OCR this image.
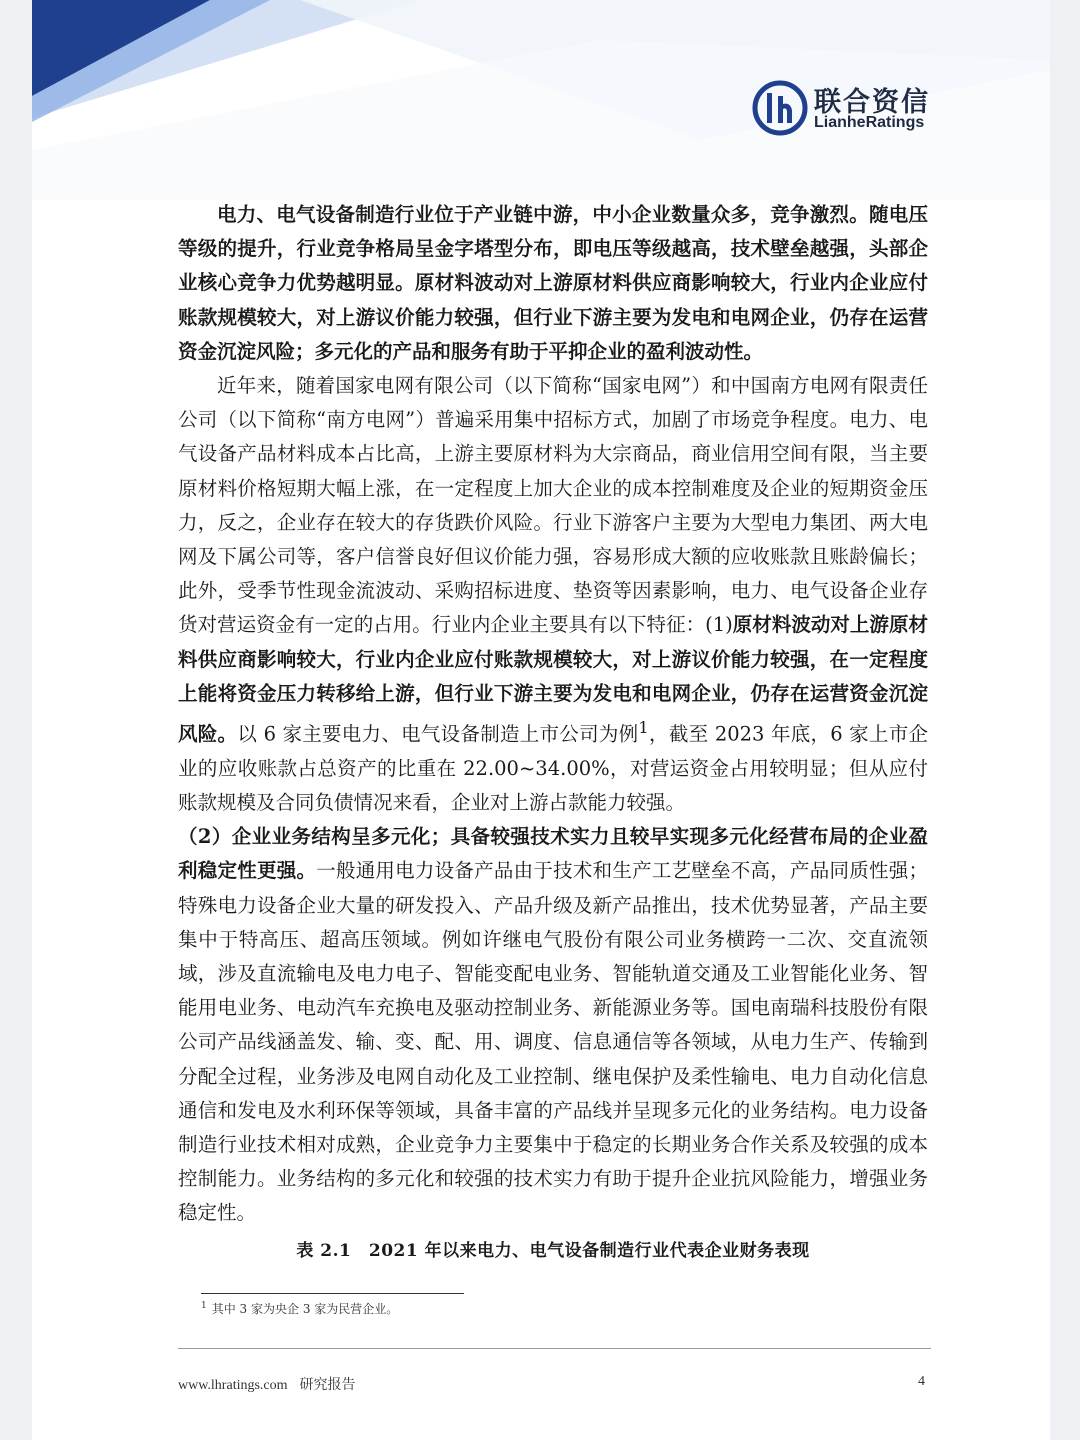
联合资信
LianheRatings

电力、电气设备制造行业位于产业链中游，中小企业数量众多，竞争激烈。随电压等级的提升，行业竞争格局呈金字塔型分布，即电压等级越高，技术壁垒越强，头部企业核心竞争力优势越明显。原材料波动对上游原材料供应商影响较大，行业内企业应付账款规模较大，对上游议价能力较强，但行业下游主要为发电和电网企业，仍存在运营资金沉淀风险；多元化的产品和服务有助于平抑企业的盈利波动性。

近年来，随着国家电网有限公司（以下简称“国家电网”）和中国南方电网有限责任公司（以下简称“南方电网”）普遍采用集中招标方式，加剧了市场竞争程度。电力、电气设备产品材料成本占比高，上游主要原材料为大宗商品，商业信用空间有限，当主要原材料价格短期大幅上涨，在一定程度上加大企业的成本控制难度及企业的短期资金压力，反之，企业存在较大的存货跌价风险。行业下游客户主要为大型电力集团、两大电网及下属公司等，客户信誉良好但议价能力强，容易形成大额的应收账款且账龄偏长；此外，受季节性现金流波动、采购招标进度、垫资等因素影响，电力、电气设备企业存货对营运资金有一定的占用。行业内企业主要具有以下特征：(1)原材料波动对上游原材料供应商影响较大，行业内企业应付账款规模较大，对上游议价能力较强，在一定程度上能将资金压力转移给上游，但行业下游主要为发电和电网企业，仍存在运营资金沉淀风险。以 6 家主要电力、电气设备制造上市公司为例$^1$，截至 2023 年底，6 家上市企业的应收账款占总资产的比重在 22.00~34.00%，对营运资金占用较明显；但从应付账款规模及合同负债情况来看，企业对上游占款能力较强。

（2）企业业务结构呈多元化；具备较强技术实力且较早实现多元化经营布局的企业盈利稳定性更强。一般通用电力设备产品由于技术和生产工艺壁垒不高，产品同质性强；特殊电力设备企业大量的研发投入、产品升级及新产品推出，技术优势显著，产品主要集中于特高压、超高压领域。例如许继电气股份有限公司业务横跨一二次、交直流领域，涉及直流输电及电力电子、智能变配电业务、智能轨道交通及工业智能化业务、智能用电业务、电动汽车充换电及驱动控制业务、新能源业务等。国电南瑞科技股份有限公司产品线涵盖发、输、变、配、用、调度、信息通信等各领域，从电力生产、传输到分配全过程，业务涉及电网自动化及工业控制、继电保护及柔性输电、电力自动化信息通信和发电及水利环保等领域，具备丰富的产品线并呈现多元化的业务结构。电力设备制造行业技术相对成熟，企业竞争力主要集中于稳定的长期业务合作关系及较强的成本控制能力。业务结构的多元化和较强的技术实力有助于提升企业抗风险能力，增强业务稳定性。

表 2.1　2021 年以来电力、电气设备制造行业代表企业财务表现
$^1$ 其中 3 家为央企 3 家为民营企业。
www.lhratings.com 研究报告	4
